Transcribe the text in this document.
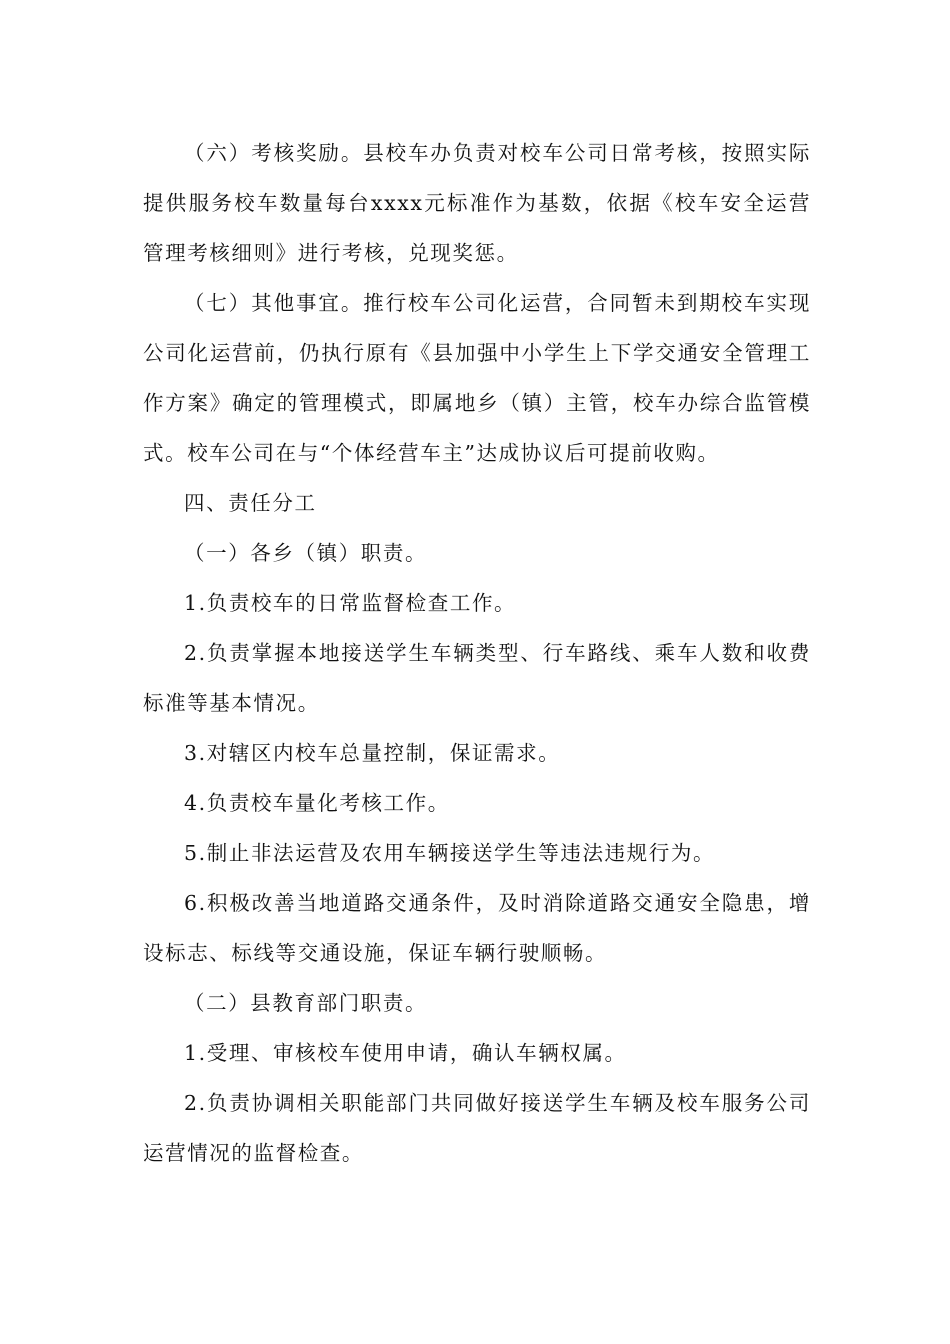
（六）考核奖励。县校车办负责对校车公司日常考核，按照实际提供服务校车数量每台xxxx元标准作为基数，依据《校车安全运营管理考核细则》进行考核，兑现奖惩。

（七）其他事宜。推行校车公司化运营，合同暂未到期校车实现公司化运营前，仍执行原有《县加强中小学生上下学交通安全管理工作方案》确定的管理模式，即属地乡（镇）主管，校车办综合监管模式。校车公司在与“个体经营车主”达成协议后可提前收购。

四、责任分工

（一）各乡（镇）职责。

1.负责校车的日常监督检查工作。

2.负责掌握本地接送学生车辆类型、行车路线、乘车人数和收费标准等基本情况。

3.对辖区内校车总量控制，保证需求。

4.负责校车量化考核工作。

5.制止非法运营及农用车辆接送学生等违法违规行为。

6.积极改善当地道路交通条件，及时消除道路交通安全隐患，增设标志、标线等交通设施，保证车辆行驶顺畅。

（二）县教育部门职责。

1.受理、审核校车使用申请，确认车辆权属。

2.负责协调相关职能部门共同做好接送学生车辆及校车服务公司运营情况的监督检查。
